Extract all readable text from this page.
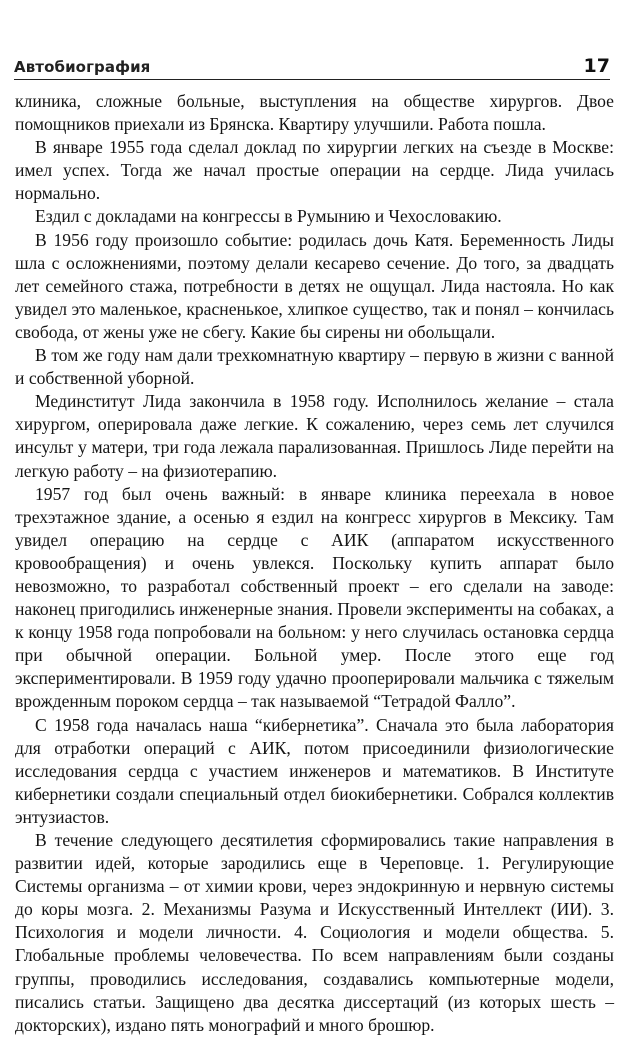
Автобиография	17

клиника, сложные больные, выступления на обществе хирургов. Двое помощников приехали из Брянска. Квартиру улучшили. Работа пошла.

В январе 1955 года сделал доклад по хирургии легких на съезде в Москве: имел успех. Тогда же начал простые операции на сердце. Лида училась нормально.

Ездил с докладами на конгрессы в Румынию и Чехословакию.

В 1956 году произошло событие: родилась дочь Катя. Беременность Лиды шла с осложнениями, поэтому делали кесарево сечение. До того, за двадцать лет семейного стажа, потребности в детях не ощущал. Лида настояла. Но как увидел это маленькое, красненькое, хлипкое существо, так и понял – кончилась свобода, от жены уже не сбегу. Какие бы сирены ни обольщали.

В том же году нам дали трехкомнатную квартиру – первую в жизни с ванной и собственной уборной.

Мединститут Лида закончила в 1958 году. Исполнилось желание – стала хирургом, оперировала даже легкие. К сожалению, через семь лет случился инсульт у матери, три года лежала парализованная. Пришлось Лиде перейти на легкую работу – на физиотерапию.

1957 год был очень важный: в январе клиника переехала в новое трехэтажное здание, а осенью я ездил на конгресс хирургов в Мексику. Там увидел операцию на сердце с АИК (аппаратом искусственного кровообращения) и очень увлекся. Поскольку купить аппарат было невозможно, то разработал собственный проект – его сделали на заводе: наконец пригодились инженерные знания. Провели эксперименты на собаках, а к концу 1958 года попробовали на больном: у него случилась остановка сердца при обычной операции. Больной умер. После этого еще год экспериментировали. В 1959 году удачно прооперировали мальчика с тяжелым врожденным пороком сердца – так называемой “Тетрадой Фалло”.

С 1958 года началась наша “кибернетика”. Сначала это была лаборатория для отработки операций с АИК, потом присоединили физиологические исследования сердца с участием инженеров и математиков. В Институте кибернетики создали специальный отдел биокибернетики. Собрался коллектив энтузиастов.

В течение следующего десятилетия сформировались такие направления в развитии идей, которые зародились еще в Череповце. 1. Регулирующие Системы организма – от химии крови, через эндокринную и нервную системы до коры мозга. 2. Механизмы Разума и Искусственный Интеллект (ИИ). 3. Психология и модели личности. 4. Социология и модели общества. 5. Глобальные проблемы человечества. По всем направлениям были созданы группы, проводились исследования, создавались компьютерные модели, писались статьи. Защищено два десятка диссертаций (из которых шесть – докторских), издано пять монографий и много брошюр.
